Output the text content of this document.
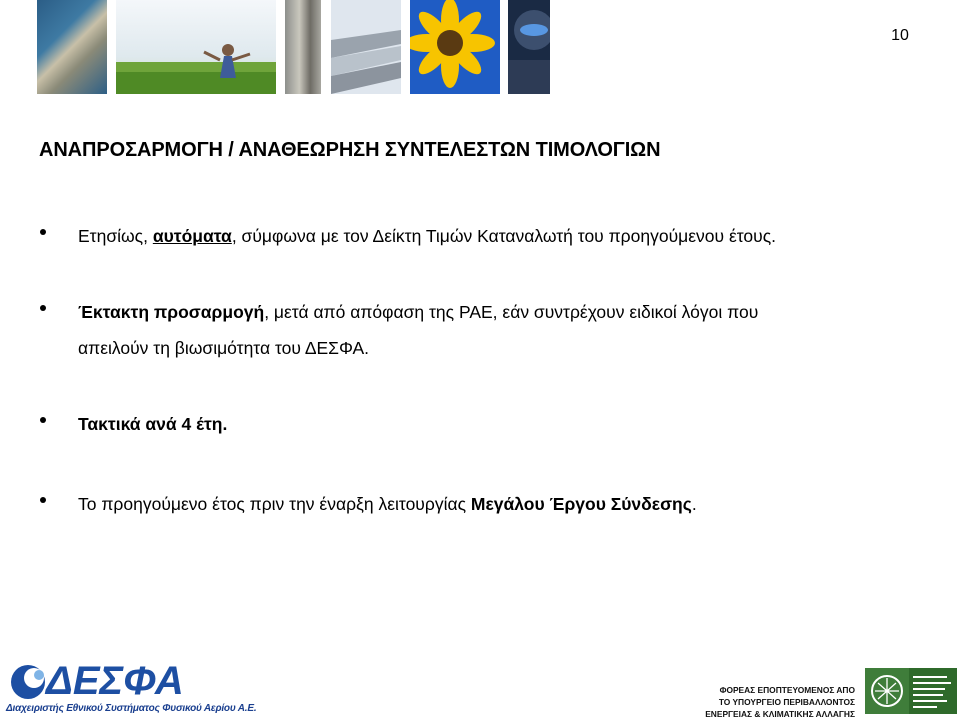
10
ΑΝΑΠΡΟΣΑΡΜΟΓΗ / ΑΝΑΘΕΩΡΗΣΗ ΣΥΝΤΕΛΕΣΤΩΝ ΤΙΜΟΛΟΓΙΩΝ
Ετησίως, αυτόματα, σύμφωνα με τον Δείκτη Τιμών Καταναλωτή του προηγούμενου έτους.
Έκτακτη προσαρμογή, μετά από απόφαση της ΡΑΕ, εάν συντρέχουν ειδικοί λόγοι που
απειλούν τη βιωσιμότητα του ΔΕΣΦΑ.
Τακτικά ανά 4 έτη.
Το προηγούμενο έτος πριν την έναρξη λειτουργίας Μεγάλου Έργου Σύνδεσης.
ΔΕΣΦΑ
Διαχειριστής Εθνικού Συστήματος Φυσικού Αερίου Α.Ε.
ΦΟΡΕΑΣ ΕΠΟΠΤΕΥΟΜΕΝΟΣ ΑΠΟ
ΤΟ ΥΠΟΥΡΓΕΙΟ ΠΕΡΙΒΑΛΛΟΝΤΟΣ
ΕΝΕΡΓΕΙΑΣ & ΚΛΙΜΑΤΙΚΗΣ ΑΛΛΑΓΗΣ
